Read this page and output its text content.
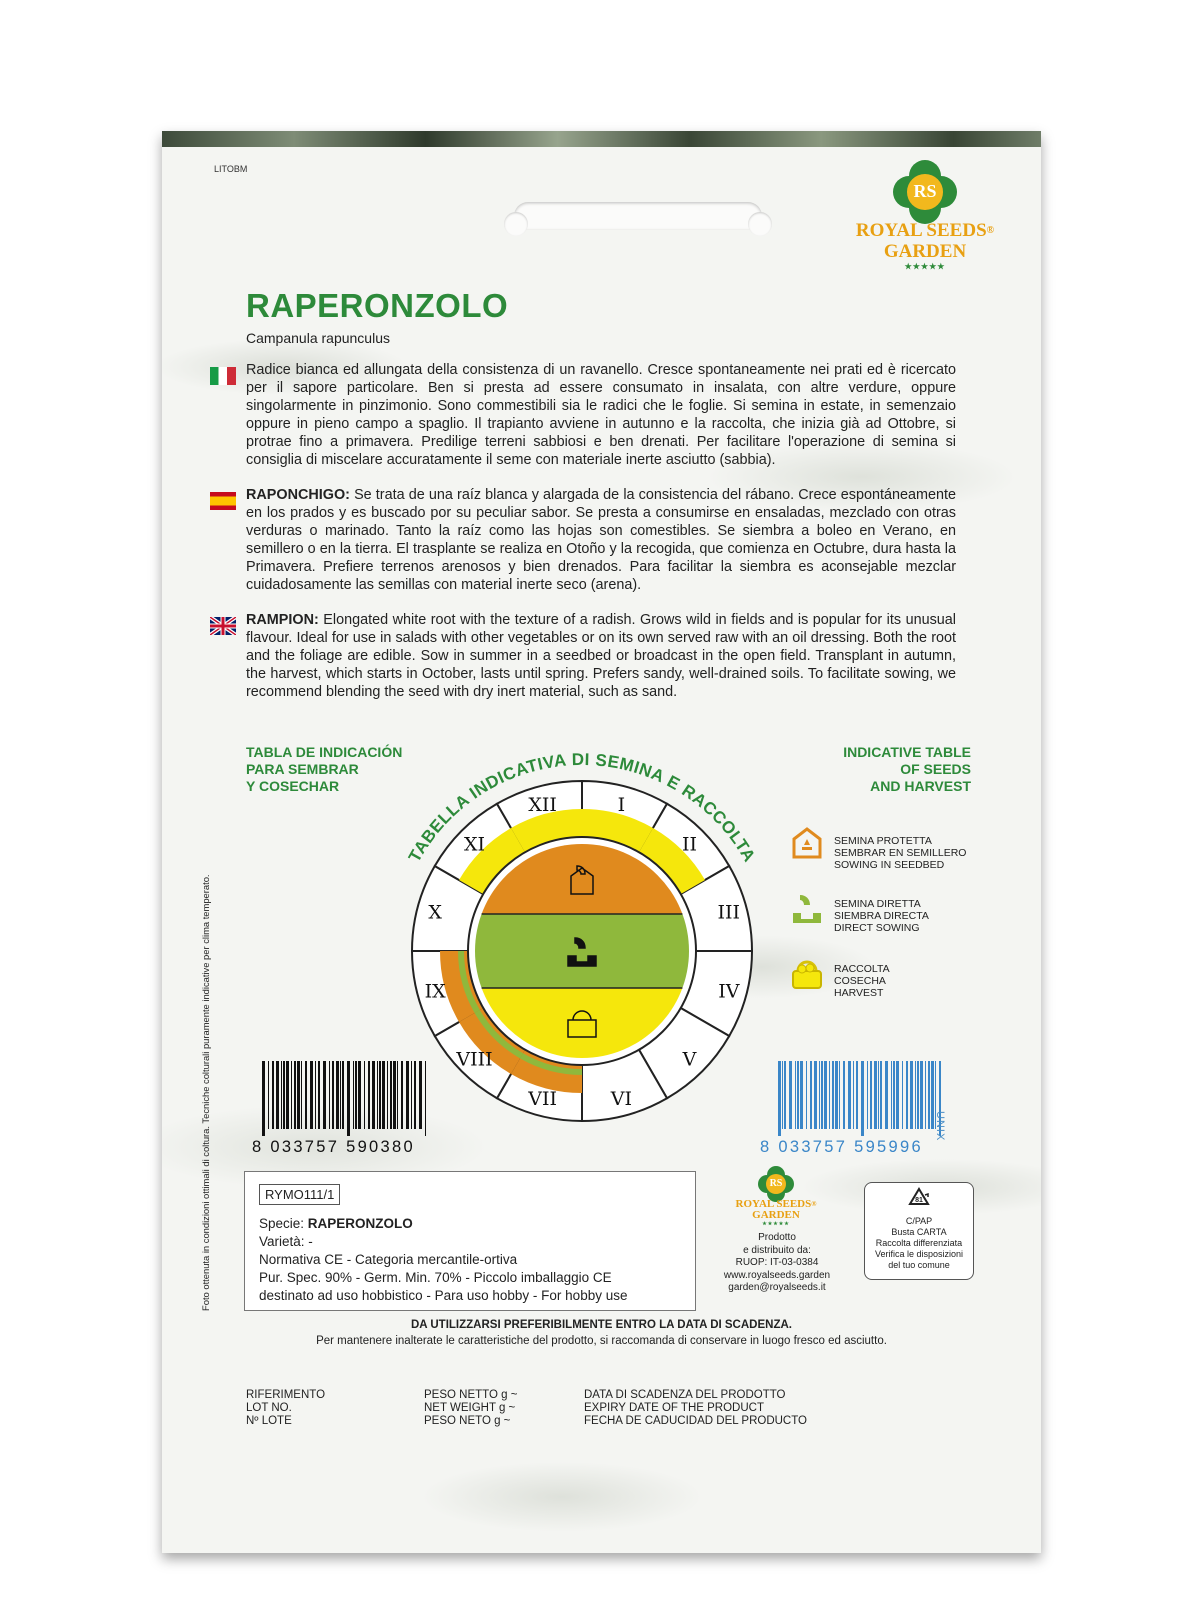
LITOBM
RS
ROYAL SEEDS®
GARDEN
★★★★★
RAPERONZOLO
Campanula rapunculus
Radice bianca ed allungata della consistenza di un ravanello. Cresce spontaneamente nei prati ed è ricercato per il sapore particolare. Ben si presta ad essere consumato in insalata, con altre verdure, oppure singolarmente in pinzimonio. Sono commestibili sia le radici che le foglie. Si semina in estate, in semenzaio oppure in pieno campo a spaglio. Il trapianto avviene in autunno e la raccolta, che inizia già ad Ottobre, si protrae fino a primavera. Predilige terreni sabbiosi e ben drenati. Per facilitare l'operazione di semina si consiglia di miscelare accuratamente il seme con materiale inerte asciutto (sabbia).
RAPONCHIGO: Se trata de una raíz blanca y alargada de la consistencia del rábano. Crece espontáneamente en los prados y es buscado por su peculiar sabor. Se presta a consumirse en ensaladas, mezclado con otras verduras o marinado. Tanto la raíz como las hojas son comestibles. Se siembra a boleo en Verano, en semillero o en la tierra. El trasplante se realiza en Otoño y la recogida, que comienza en Octubre, dura hasta la Primavera. Prefiere terrenos arenosos y bien drenados. Para facilitar la siembra es aconsejable mezclar cuidadosamente las semillas con material inerte seco (arena).
RAMPION: Elongated white root with the texture of a radish. Grows wild in fields and is popular for its unusual flavour. Ideal for use in salads with other vegetables or on its own served raw with an oil dressing. Both the root and the foliage are edible. Sow in summer in a seedbed or broadcast in the open field. Transplant in autumn, the harvest, which starts in October, lasts until spring. Prefers sandy, well-drained soils. To facilitate sowing, we recommend blending the seed with dry inert material, such as sand.
TABLA DE INDICACIÓN
PARA SEMBRAR
Y COSECHAR
INDICATIVE TABLE
OF SEEDS
AND HARVEST
TABELLA INDICATIVA DI SEMINA E RACCOLTA
I
II
III
IV
V
VI
VII
VIII
IX
X
XI
XII
SEMINA PROTETTA
SEMBRAR EN SEMILLERO
SOWING IN SEEDBED
SEMINA DIRETTA
SIEMBRA DIRECTA
DIRECT SOWING
RACCOLTA
COSECHA
HARVEST
8 033757 590380	8 033757 595996
UNIX
Foto ottenuta in condizioni ottimali di coltura. Tecniche colturali puramente indicative per clima temperato.	RYMO111/1
Specie: RAPERONZOLO
Varietà: -
Normativa CE - Categoria mercantile-ortiva
Pur. Spec. 90% - Germ. Min. 70% - Piccolo imballaggio CE
destinato ad uso hobbistico - Para uso hobby - For hobby use
RS
ROYAL SEEDS®
GARDEN
★★★★★
Prodotto
e distribuito da:
RUOP: IT-03-0384
www.royalseeds.garden
garden@royalseeds.it
81
C/PAP
Busta CARTA
Raccolta differenziata
Verifica le disposizioni
del tuo comune
DA UTILIZZARSI PREFERIBILMENTE ENTRO LA DATA DI SCADENZA.
Per mantenere inalterate le caratteristiche del prodotto, si raccomanda di conservare in luogo fresco ed asciutto.
RIFERIMENTO
LOT NO.
Nº LOTE
PESO NETTO g ~
NET WEIGHT g ~
PESO NETO g ~
DATA DI SCADENZA DEL PRODOTTO
EXPIRY DATE OF THE PRODUCT
FECHA DE CADUCIDAD DEL PRODUCTO
